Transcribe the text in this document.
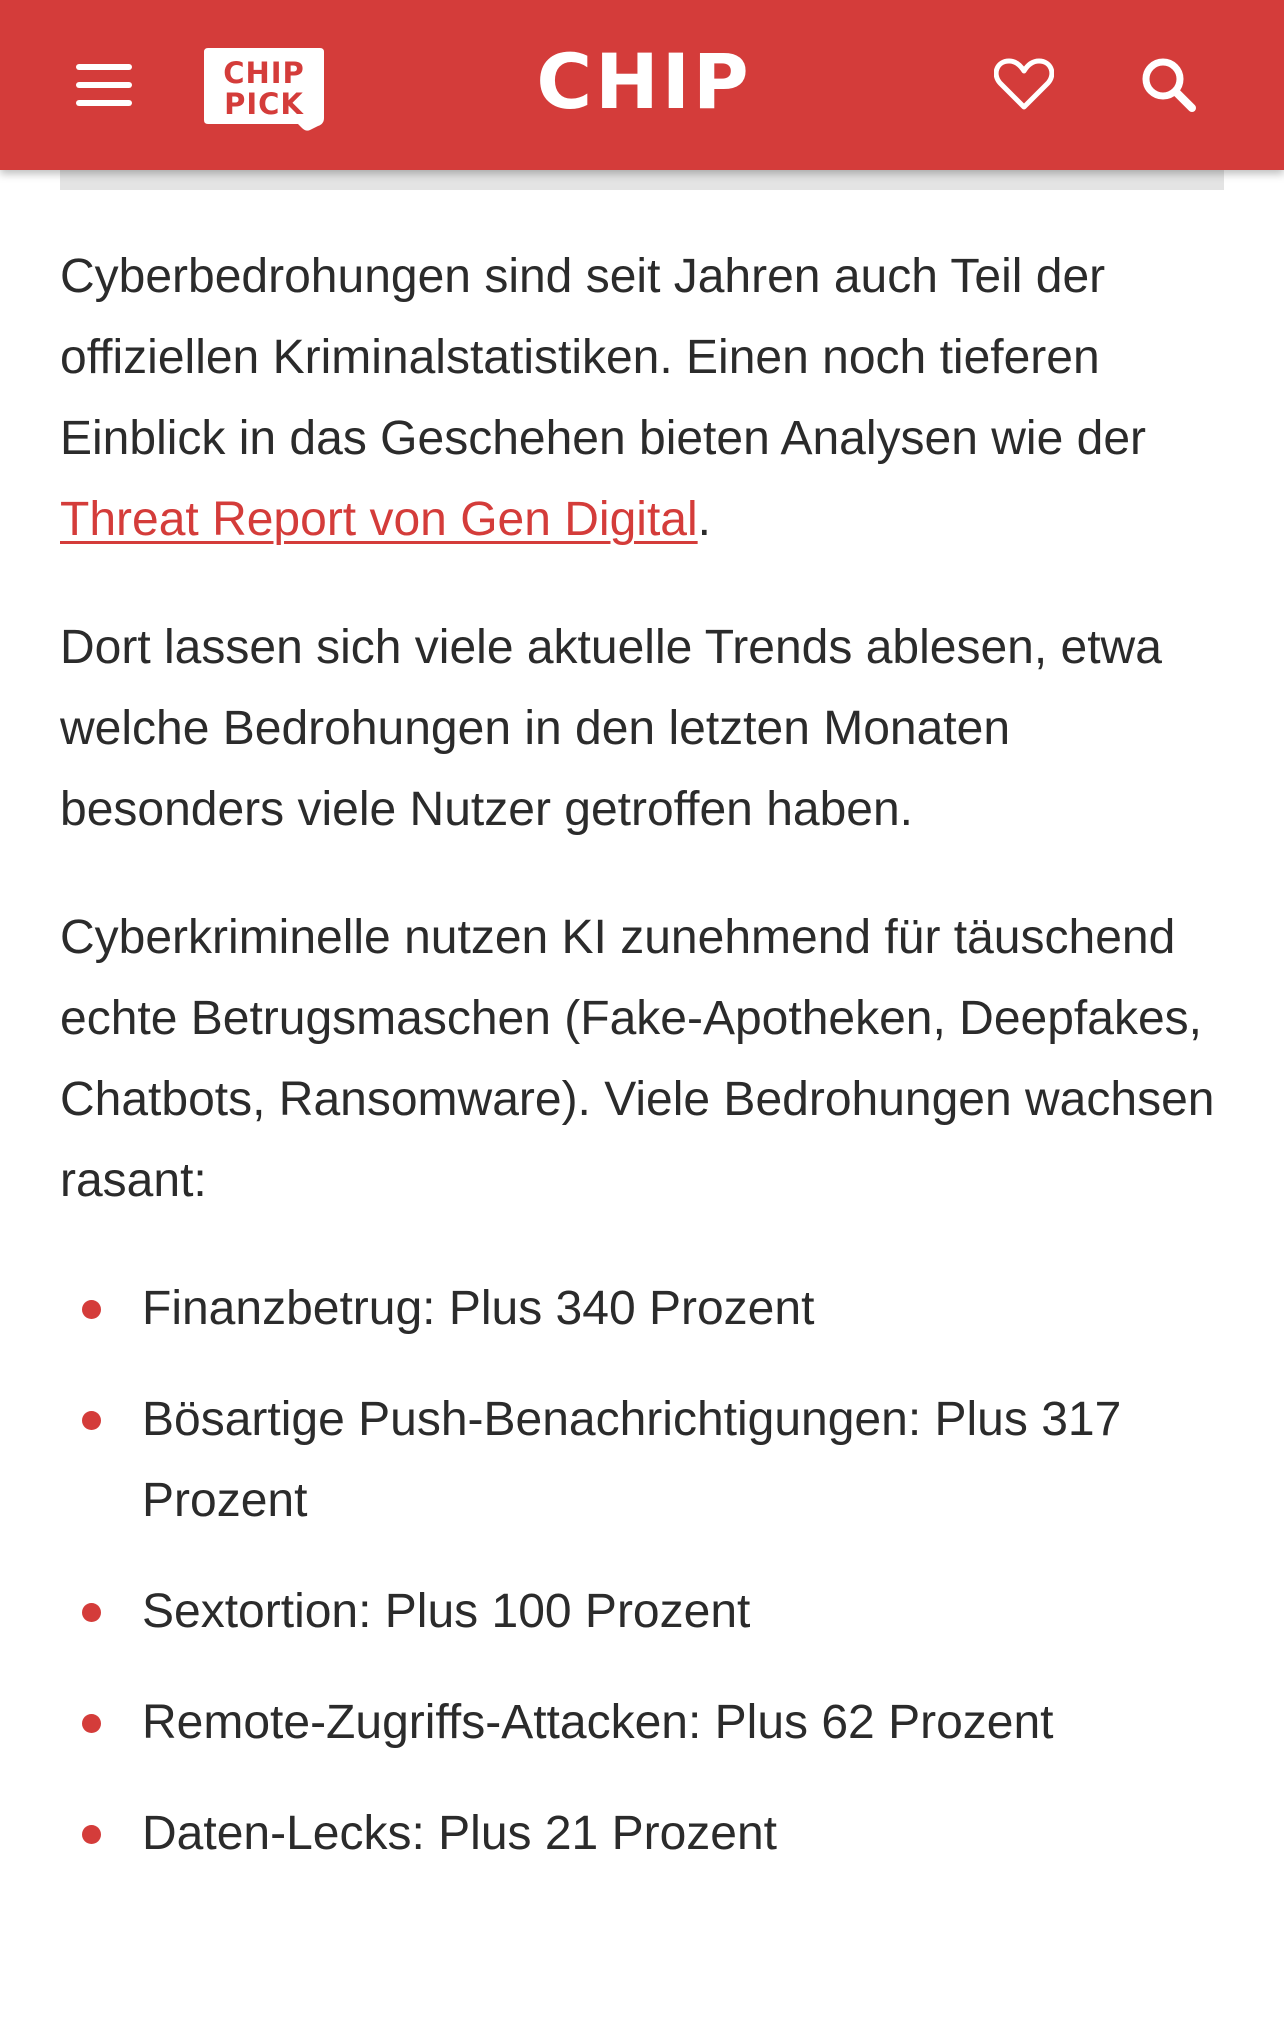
CHIP
PICK	CHIP

Cyberbedrohungen sind seit Jahren auch Teil der offiziellen Kriminalstatistiken. Einen noch tieferen Einblick in das Geschehen bieten Analysen wie der Threat Report von Gen Digital.

Dort lassen sich viele aktuelle Trends ablesen, etwa welche Bedrohungen in den letzten Monaten besonders viele Nutzer getroffen haben.

Cyberkriminelle nutzen KI zunehmend für täuschend echte Betrugsmaschen (Fake-Apotheken, Deepfakes, Chatbots, Ransomware). Viele Bedrohungen wachsen rasant:

Finanzbetrug: Plus 340 Prozent
Bösartige Push-Benachrichtigungen: Plus 317 Prozent
Sextortion: Plus 100 Prozent
Remote-Zugriffs-Attacken: Plus 62 Prozent
Daten-Lecks: Plus 21 Prozent
